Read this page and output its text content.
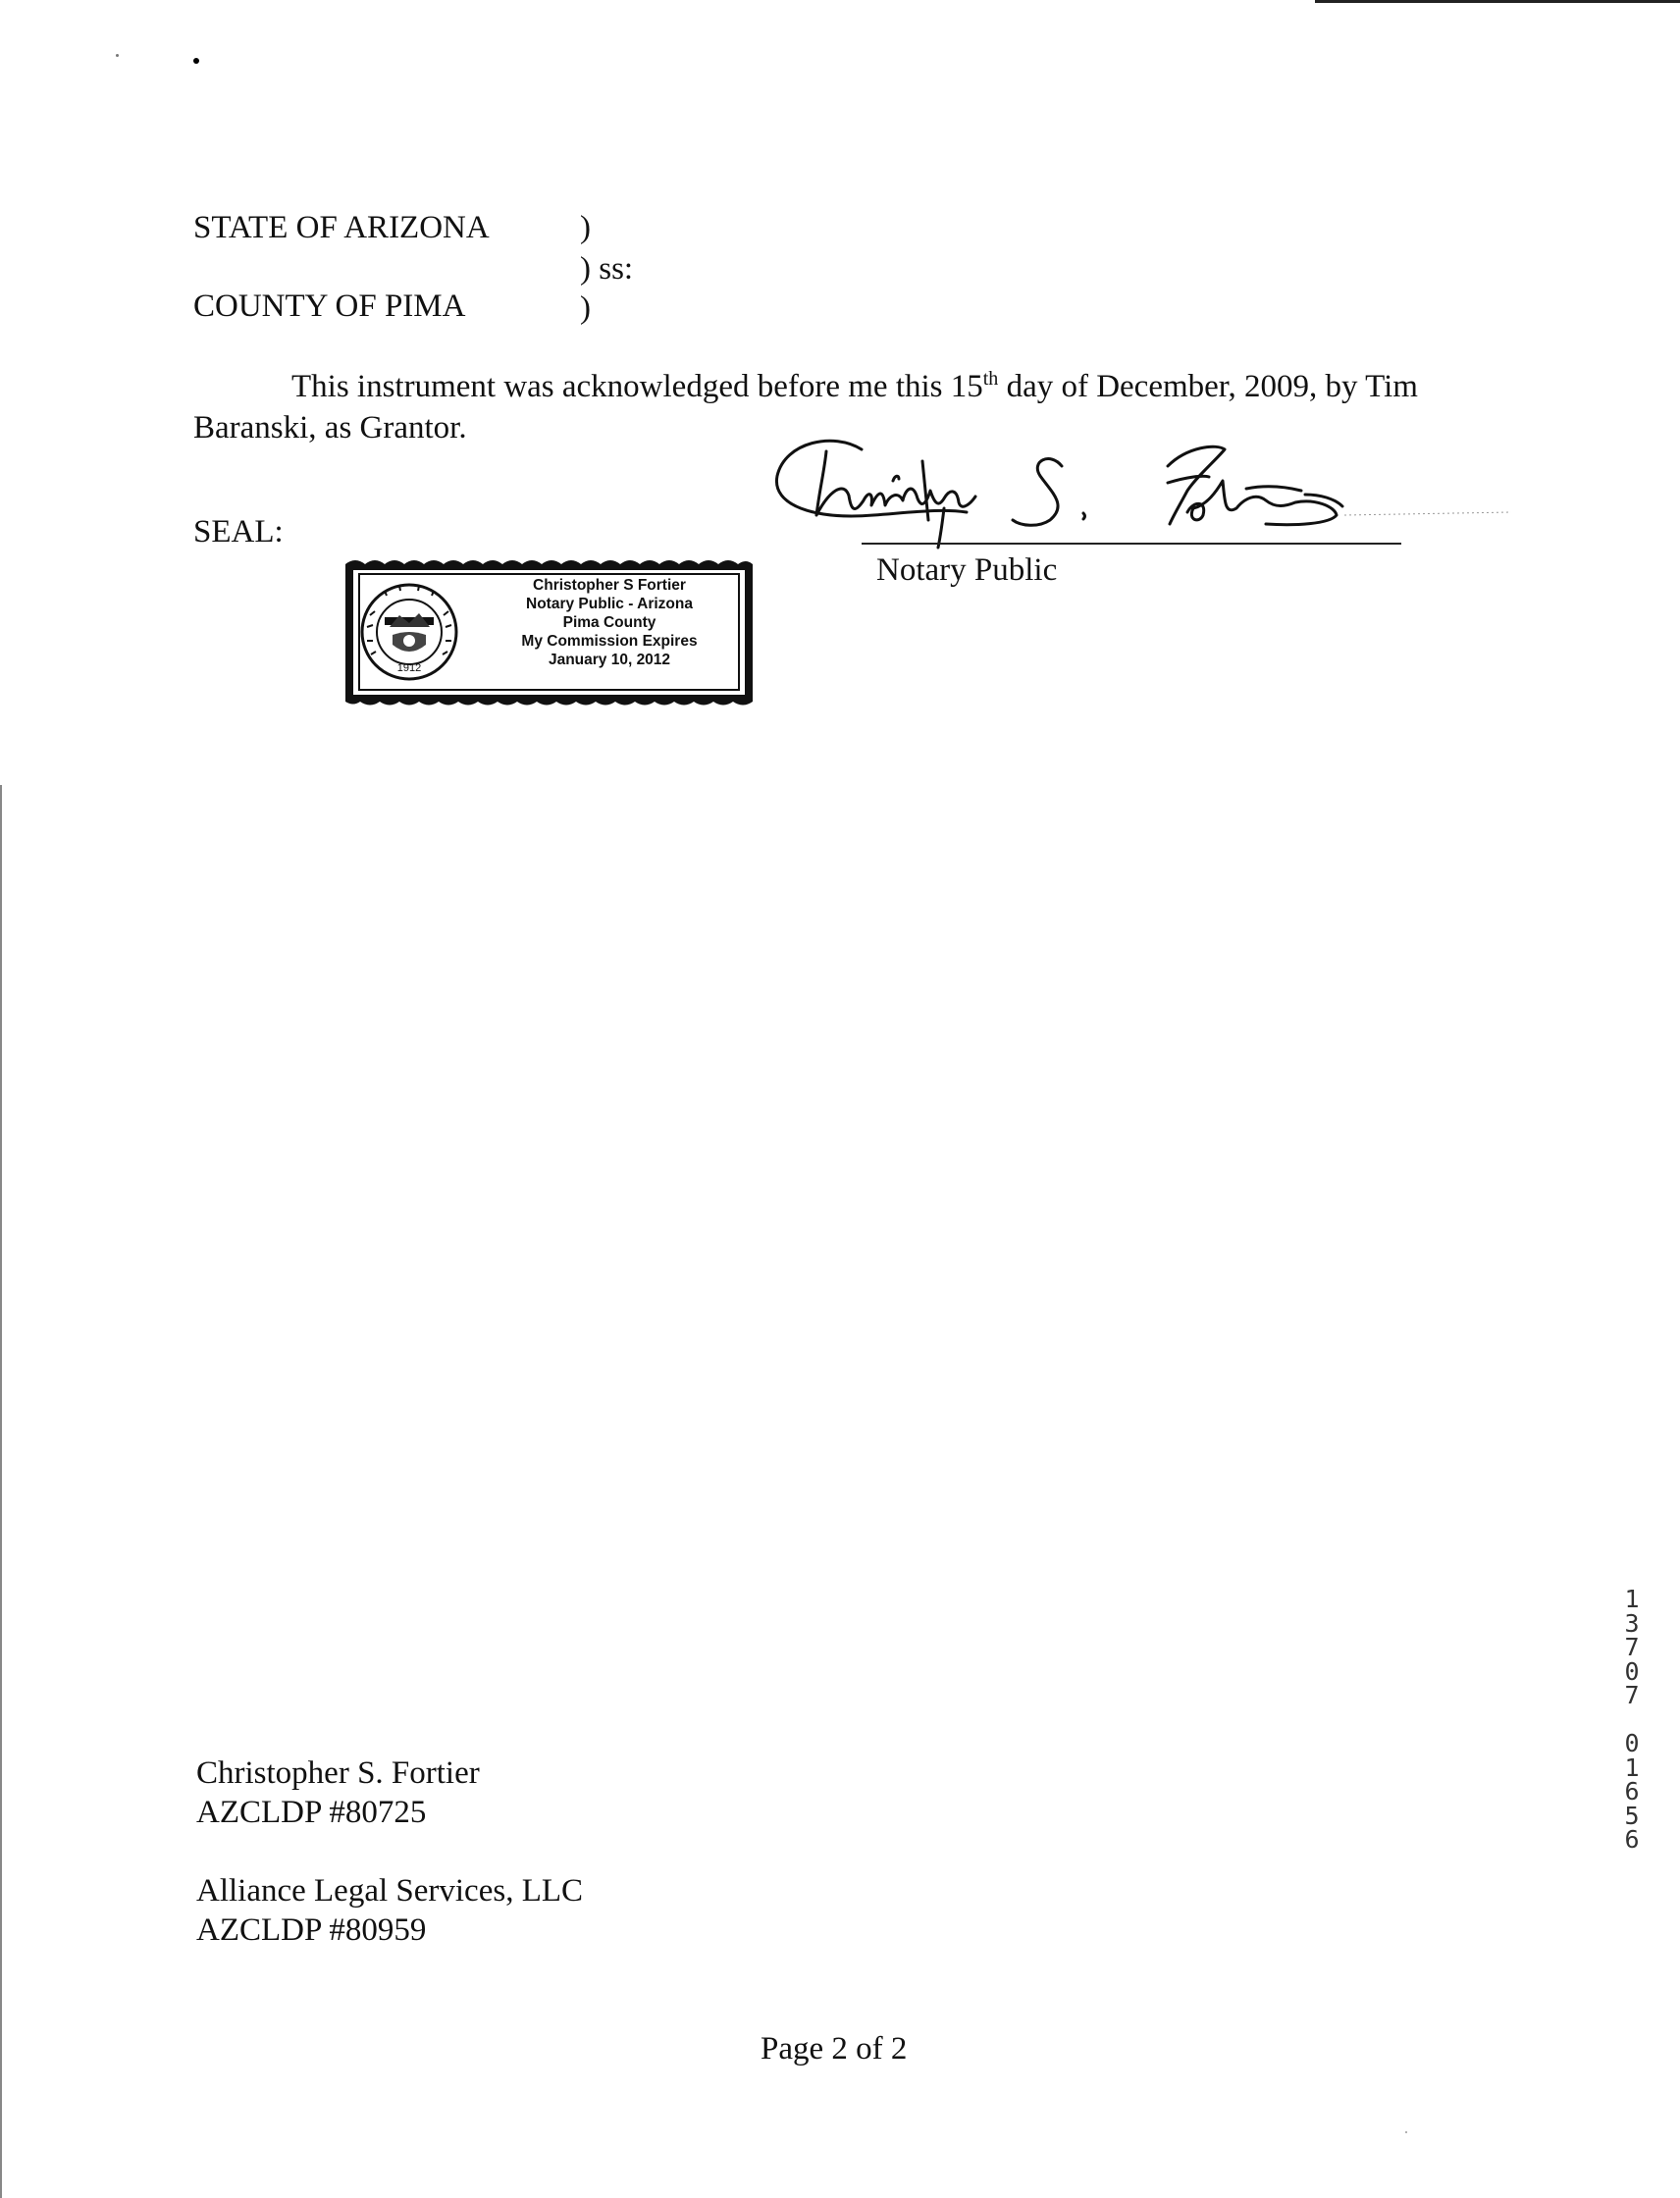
STATE OF ARIZONA	)
) ss:
COUNTY OF PIMA	)
This instrument was acknowledged before me this 15th day of December, 2009, by Tim
Baranski, as Grantor.
SEAL:
Notary Public
1912
Christopher S Fortier
Notary Public - Arizona
Pima County
My Commission Expires
January 10, 2012
1
3
7
0
7

0
1
6
5
6
Christopher S. Fortier
AZCLDP #80725
Alliance Legal Services, LLC
AZCLDP #80959
Page 2 of 2
